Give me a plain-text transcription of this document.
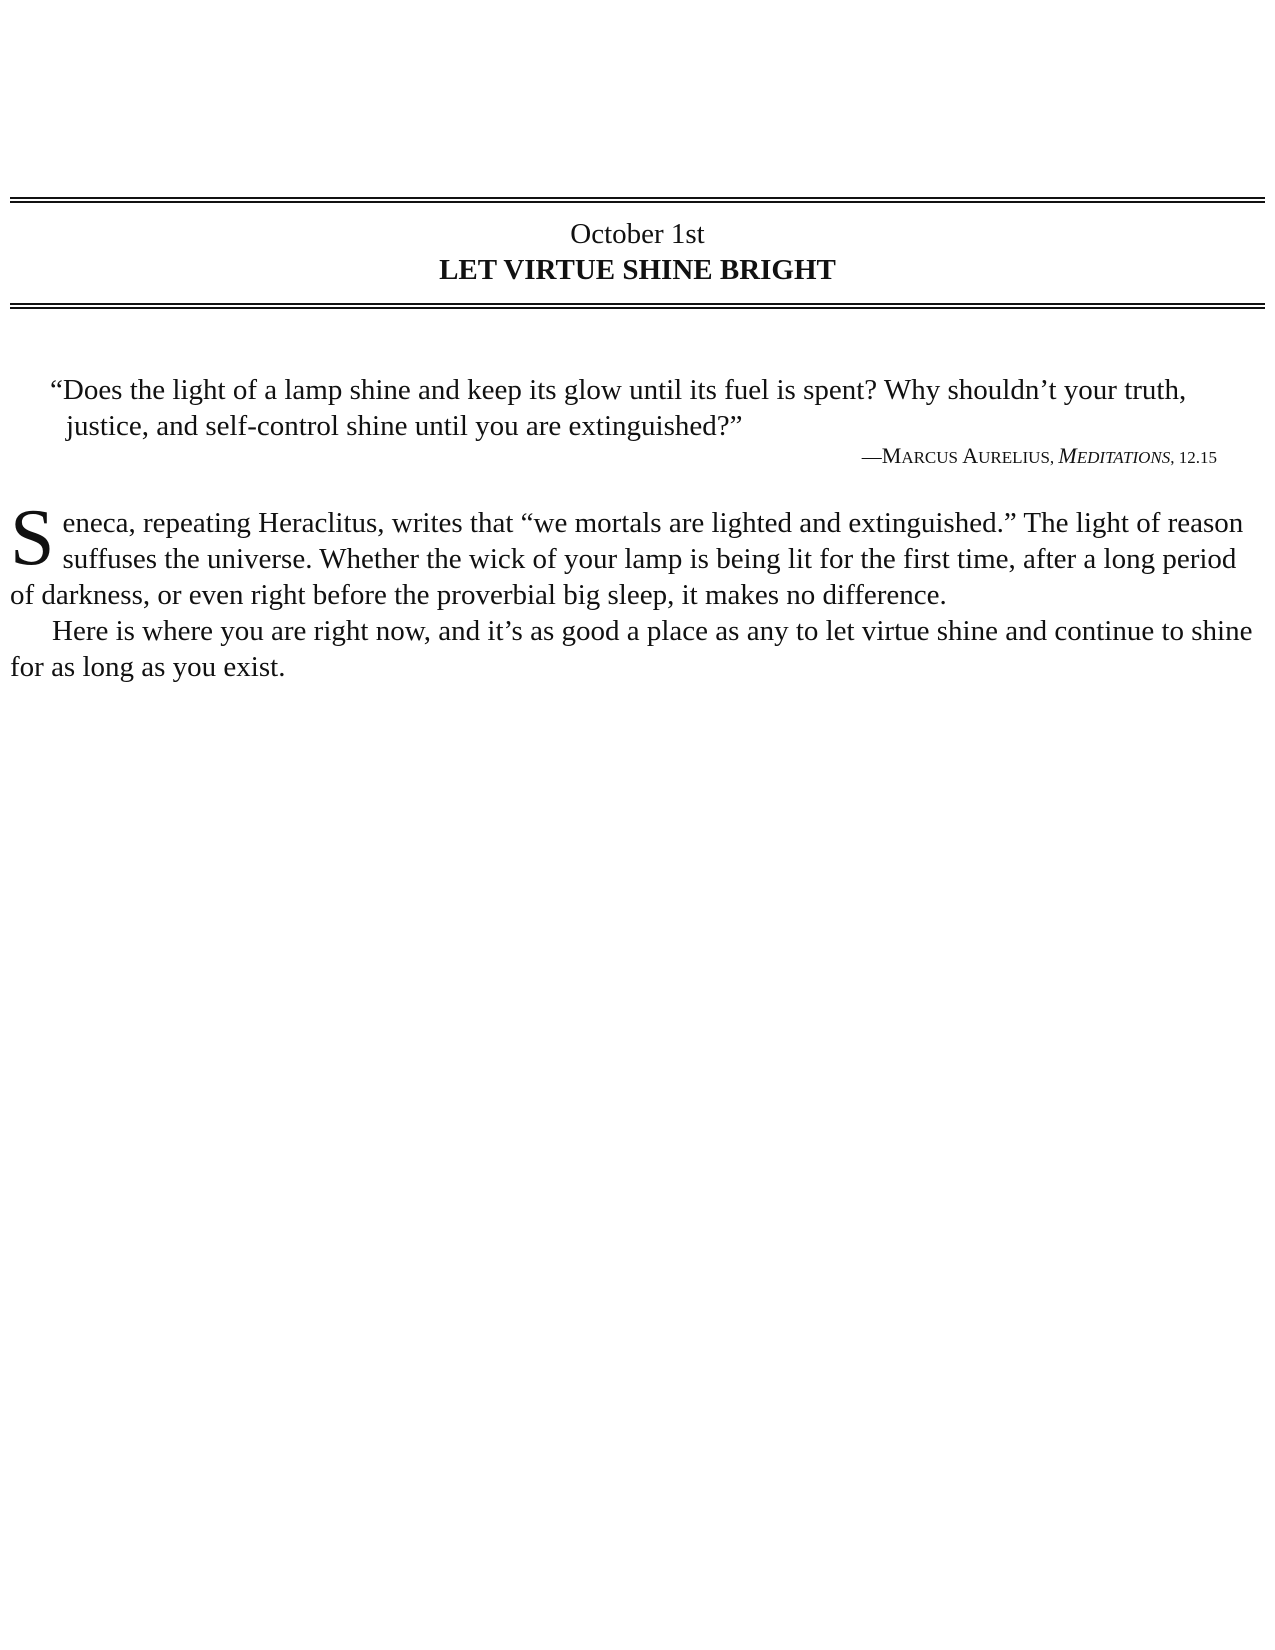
October 1st
LET VIRTUE SHINE BRIGHT
“Does the light of a lamp shine and keep its glow until its fuel is spent? Why shouldn’t your truth, justice, and self-control shine until you are extinguished?”
—MARCUS AURELIUS, MEDITATIONS, 12.15

Seneca, repeating Heraclitus, writes that “we mortals are lighted and extinguished.” The light of reason suffuses the universe. Whether the wick of your lamp is being lit for the first time, after a long period of darkness, or even right before the proverbial big sleep, it makes no difference.

Here is where you are right now, and it’s as good a place as any to let virtue shine and continue to shine for as long as you exist.
